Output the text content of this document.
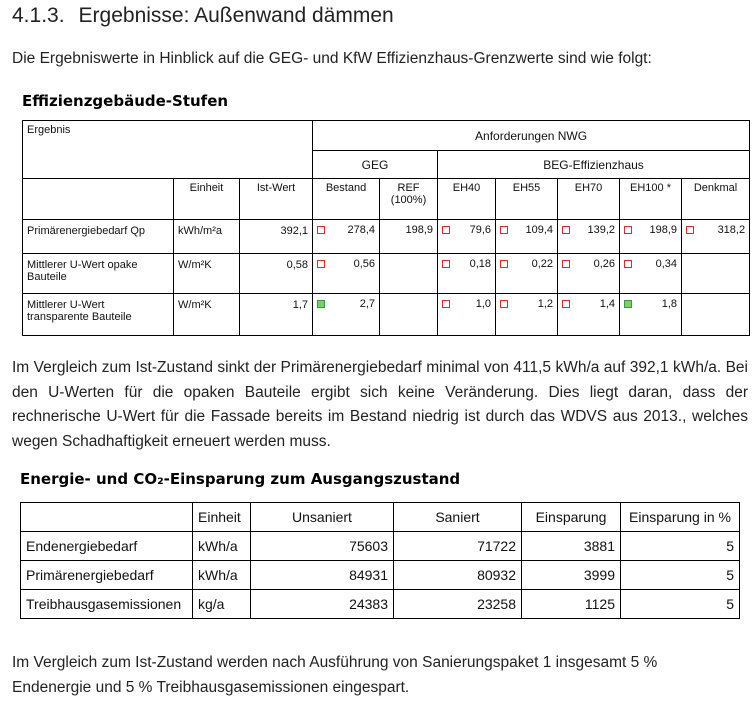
4.1.3. Ergebnisse: Außenwand dämmen
Die Ergebniswerte in Hinblick auf die GEG- und KfW Effizienzhaus-Grenzwerte sind wie folgt:
Effizienzgebäude-Stufen
Ergebnis			Anforderungen NWG						
			GEG		BEG-Effizienzhaus				
	Einheit	Ist-Wert	Bestand	REF (100%)	EH40	EH55	EH70	EH100 *	Denkmal
Primärenergiebedarf Qp	kWh/m²a	392,1	278,4	198,9	79,6	109,4	139,2	198,9	318,2

Mittlerer U-Wert opake Bauteile	W/m²K	0,58	0,56		0,18	0,22	0,26	0,34	

Mittlerer U-Wert transparente Bauteile	W/m²K	1,7	2,7		1,0	1,2	1,4	1,8	

Im Vergleich zum Ist-Zustand sinkt der Primärenergiebedarf minimal von 411,5 kWh/a auf 392,1 kWh/a. Bei den U-Werten für die opaken Bauteile ergibt sich keine Veränderung. Dies liegt daran, dass der rechnerische U-Wert für die Fassade bereits im Bestand niedrig ist durch das WDVS aus 2013., welches wegen Schadhaftigkeit erneuert werden muss.
Energie- und CO₂-Einsparung zum Ausgangszustand
	Einheit	Unsaniert	Saniert	Einsparung	Einsparung in %
Endenergiebedarf	kWh/a	75603	71722	3881	5
Primärenergiebedarf	kWh/a	84931	80932	3999	5
Treibhausgasemissionen	kg/a	24383	23258	1125	5
Im Vergleich zum Ist-Zustand werden nach Ausführung von Sanierungspaket 1 insgesamt 5 %
Endenergie und 5 % Treibhausgasemissionen eingespart.
